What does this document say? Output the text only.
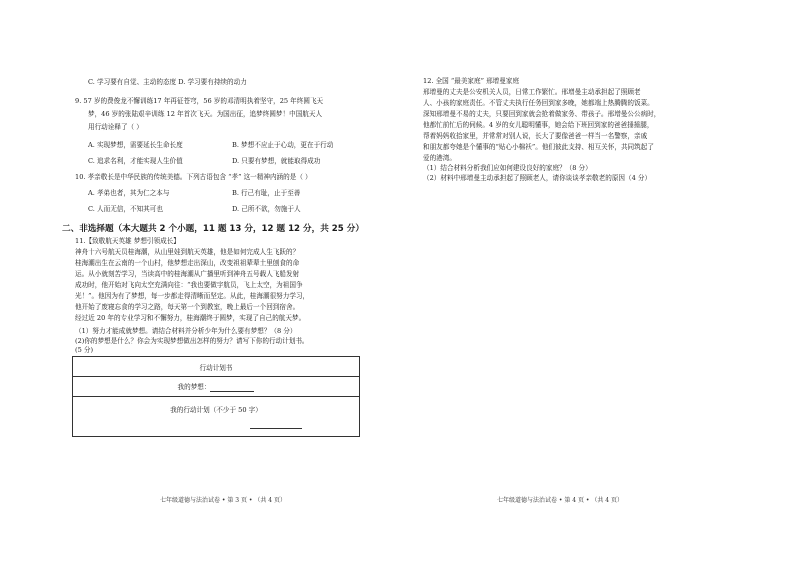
C. 学习要有自觉、主动的态度 D. 学习要有持续的动力
9. 57 岁的费俊龙不懈训练17 年再征苍穹，56 岁的邓清明执着坚守，25 年终圆飞天
梦，46 岁的张陆艰辛训练 12 年首次飞天。为国出征，追梦终圆梦！中国航天人
用行动诠释了（ ）
A. 实现梦想，需要延长生命长度	B. 梦想不应止于心动，更在于行动
C. 追求名利，才能实现人生价值	D. 只要有梦想，就能取得成功
10. 孝亲敬长是中华民族的传统美德。下列古语包含 “孝” 这一精神内涵的是（ ）
A. 孝弟也者，其为仁之本与	B. 行己有耻，止于至善
C. 人而无信，不知其可也	D. 己所不欲，勿施于人
二、非选择题（本大题共 2 个小题，11 题 13 分，12 题 12 分，共 25 分）
11.【致敬航天英雄 梦想引领成长】
神舟十六号航天员桂海潮，从山里娃到航天英雄，他是如何完成人生飞跃的？
桂海潮出生在云南的一个山村，他梦想走出深山，改变祖祖辈辈土里刨食的命
运。从小就刻苦学习，当读高中的桂海潮从广播里听到神舟五号载人飞船发射
成功时，他开始对飞向太空充满向往：“我也要做宇航员，飞上太空，为祖国争
光！”。他因为有了梦想，每一步都走得清晰而坚定。从此，桂海潮很努力学习，
他开始了废寝忘食的学习之路，每天第一个到教室，晚上最后一个回到宿舍。
经过近 20 年的专业学习和不懈努力，桂海潮终于圆梦，实现了自己的航天梦。
（1）努力才能成就梦想。请结合材料并分析少年为什么要有梦想？（8 分）
(2)你的梦想是什么？你会为实现梦想做出怎样的努力？请写下你的行动计划书。
(5 分)
行动计划书
我的梦想：

我的行动计划（不少于 50 字）

七年级道德与法治试卷 • 第 3 页 • （共 4 页）
12. 全国 “最美家庭” 邢增曼家庭
邢增曼的丈夫是公安机关人员，日常工作繁忙。邢增曼主动承担起了照顾老
人、小孩的家庭责任。不管丈夫执行任务回到家多晚，她都端上热腾腾的饭菜。
深知邢增曼不易的丈夫，只要回到家就会抢着做家务、带孩子。邢增曼公公病时，
他都忙前忙后的伺候。4 岁的女儿聪明懂事，她会给下班回到家的爸爸捶捶腿，
帮着妈妈收拾家里，并常常对别人说，长大了要像爸爸一样当一名警察，亲戚
和朋友都夸她是个懂事的“贴心小棉袄”。他们彼此支持、相互关怀，共同筑起了
爱的港湾。
（1）结合材料分析我们应如何建设良好的家庭？（8 分）
（2）材料中邢增曼主动承担起了照顾老人，请你谈谈孝亲敬老的原因（4 分）
七年级道德与法治试卷 • 第 4 页 • （共 4 页）
